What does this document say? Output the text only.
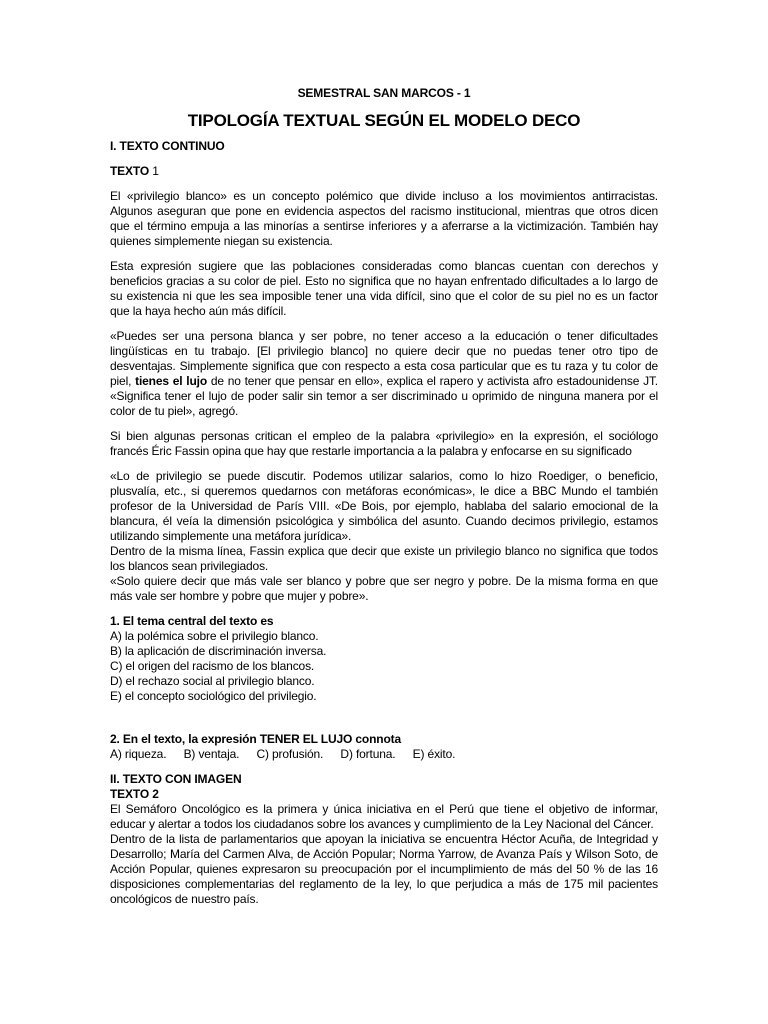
SEMESTRAL SAN MARCOS - 1
TIPOLOGÍA TEXTUAL SEGÚN EL MODELO DECO
I. TEXTO CONTINUO
TEXTO 1

El «privilegio blanco» es un concepto polémico que divide incluso a los movimientos antirracistas. Algunos aseguran que pone en evidencia aspectos del racismo institucional, mientras que otros dicen que el término empuja a las minorías a sentirse inferiores y a aferrarse a la victimización. También hay quienes simplemente niegan su existencia.

Esta expresión sugiere que las poblaciones consideradas como blancas cuentan con derechos y beneficios gracias a su color de piel. Esto no significa que no hayan enfrentado dificultades a lo largo de su existencia ni que les sea imposible tener una vida difícil, sino que el color de su piel no es un factor que la haya hecho aún más difícil.

«Puedes ser una persona blanca y ser pobre, no tener acceso a la educación o tener dificultades lingüísticas en tu trabajo. [El privilegio blanco] no quiere decir que no puedas tener otro tipo de desventajas. Simplemente significa que con respecto a esta cosa particular que es tu raza y tu color de piel, tienes el lujo de no tener que pensar en ello», explica el rapero y activista afro estadounidense JT. «Significa tener el lujo de poder salir sin temor a ser discriminado u oprimido de ninguna manera por el color de tu piel», agregó.

Si bien algunas personas critican el empleo de la palabra «privilegio» en la expresión, el sociólogo francés Éric Fassin opina que hay que restarle importancia a la palabra y enfocarse en su significado

«Lo de privilegio se puede discutir. Podemos utilizar salarios, como lo hizo Roediger, o beneficio, plusvalía, etc., si queremos quedarnos con metáforas económicas», le dice a BBC Mundo el también profesor de la Universidad de París VIII. «De Bois, por ejemplo, hablaba del salario emocional de la blancura, él veía la dimensión psicológica y simbólica del asunto. Cuando decimos privilegio, estamos utilizando simplemente una metáfora jurídica».

Dentro de la misma línea, Fassin explica que decir que existe un privilegio blanco no significa que todos los blancos sean privilegiados.

«Solo quiere decir que más vale ser blanco y pobre que ser negro y pobre. De la misma forma en que más vale ser hombre y pobre que mujer y pobre».

1. El tema central del texto es
A) la polémica sobre el privilegio blanco.
B) la aplicación de discriminación inversa.
C) el origen del racismo de los blancos.
D) el rechazo social al privilegio blanco.
E) el concepto sociológico del privilegio.
2. En el texto, la expresión TENER EL LUJO connota
A) riqueza. B) ventaja. C) profusión. D) fortuna. E) éxito.
II. TEXTO CON IMAGEN
TEXTO 2

El Semáforo Oncológico es la primera y única iniciativa en el Perú que tiene el objetivo de informar, educar y alertar a todos los ciudadanos sobre los avances y cumplimiento de la Ley Nacional del Cáncer.

Dentro de la lista de parlamentarios que apoyan la iniciativa se encuentra Héctor Acuña, de Integridad y Desarrollo; María del Carmen Alva, de Acción Popular; Norma Yarrow, de Avanza País y Wilson Soto, de Acción Popular, quienes expresaron su preocupación por el incumplimiento de más del 50 % de las 16 disposiciones complementarias del reglamento de la ley, lo que perjudica a más de 175 mil pacientes oncológicos de nuestro país.
